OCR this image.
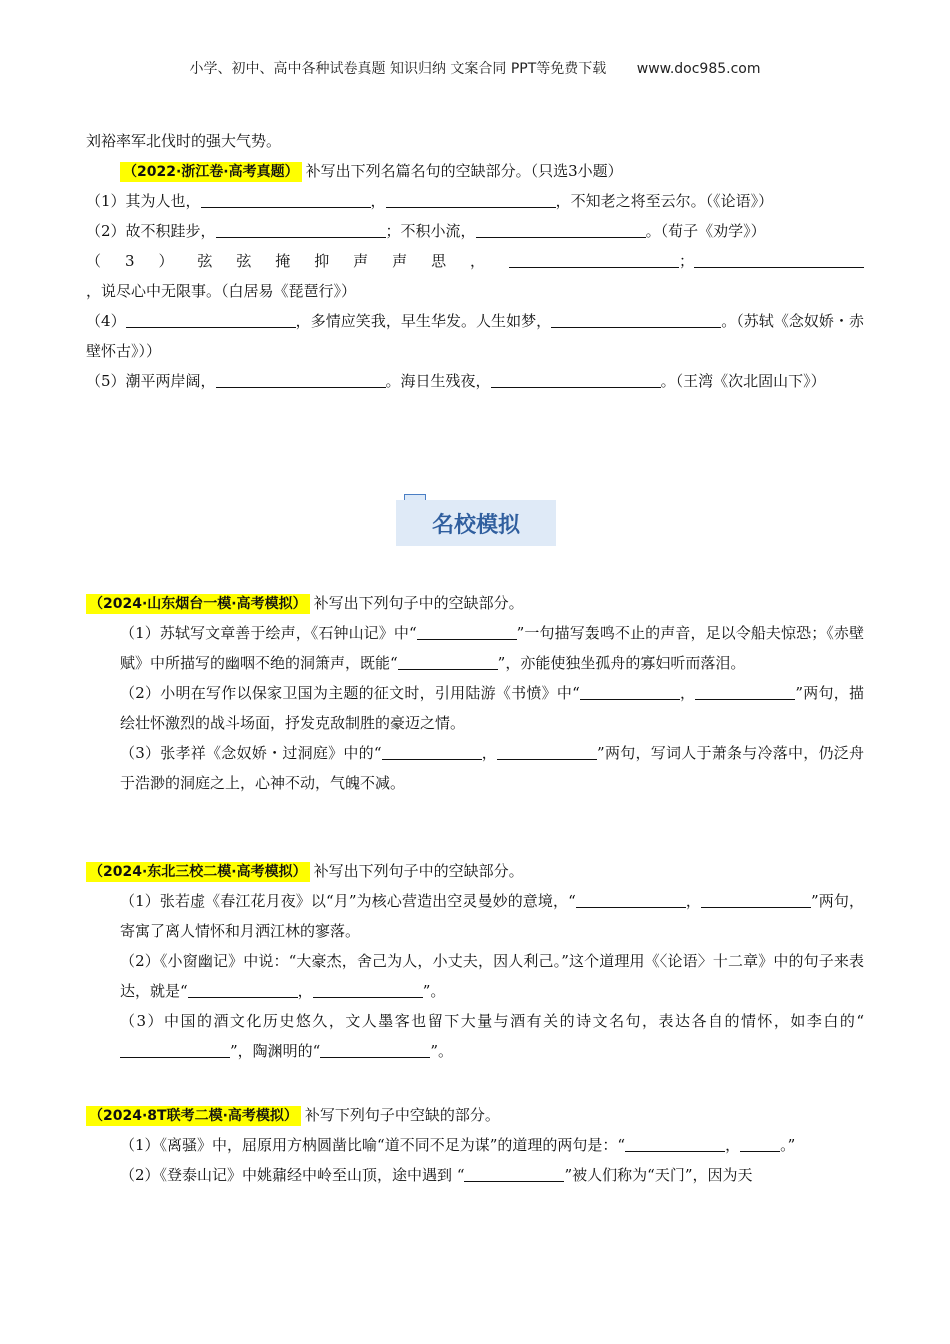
小学、初中、高中各种试卷真题 知识归纳 文案合同 PPT等免费下载 www.doc985.com

刘裕率军北伐时的强大气势。

（2022·浙江卷·高考真题） 补写出下列名篇名句的空缺部分。（只选3小题）

（1）其为人也，	，	，不知老之将至云尔。（《论语》）

（2）故不积跬步，	；不积小流，	。（荀子《劝学》）

（3）弦弦掩抑声声思，	；，说尽心中无限事。（白居易《琵琶行》）

（4）	，多情应笑我，早生华发。人生如梦，	。（苏轼《念奴娇・赤壁怀古》））

（5）潮平两岸阔，	。海日生残夜，	。（王湾《次北固山下》）

名校模拟

（2024·山东烟台一模·高考模拟） 补写出下列句子中的空缺部分。

（1）苏轼写文章善于绘声，《石钟山记》中“	”一句描写轰鸣不止的声音，足以令船夫惊恐；《赤壁赋》中所描写的幽咽不绝的洞箫声，既能“	”，亦能使独坐孤舟的寡妇听而落泪。

（2）小明在写作以保家卫国为主题的征文时，引用陆游《书愤》中“	，	”两句，描绘壮怀激烈的战斗场面，抒发克敌制胜的豪迈之情。

（3）张孝祥《念奴娇・过洞庭》中的“	，	”两句，写词人于萧条与冷落中，仍泛舟于浩渺的洞庭之上，心神不动，气魄不减。

（2024·东北三校二模·高考模拟） 补写出下列句子中的空缺部分。

（1）张若虚《春江花月夜》以“月”为核心营造出空灵曼妙的意境，“	，	”两句，寄寓了离人情怀和月洒江林的寥落。

（2）《小窗幽记》中说：“大豪杰，舍己为人，小丈夫，因人利己。”这个道理用《〈论语〉十二章》中的句子来表达，就是“	，	”。

（3）中国的酒文化历史悠久，文人墨客也留下大量与酒有关的诗文名句，表达各自的情怀，如李白的“”，陶渊明的“	”。

（2024·8T联考二模·高考模拟） 补写下列句子中空缺的部分。

（1）《离骚》中，屈原用方枘圆凿比喻“道不同不足为谋”的道理的两句是：“	，	。”

（2）《登泰山记》中姚鼐经中岭至山顶，途中遇到 “	”被人们称为“天门”，因为天
